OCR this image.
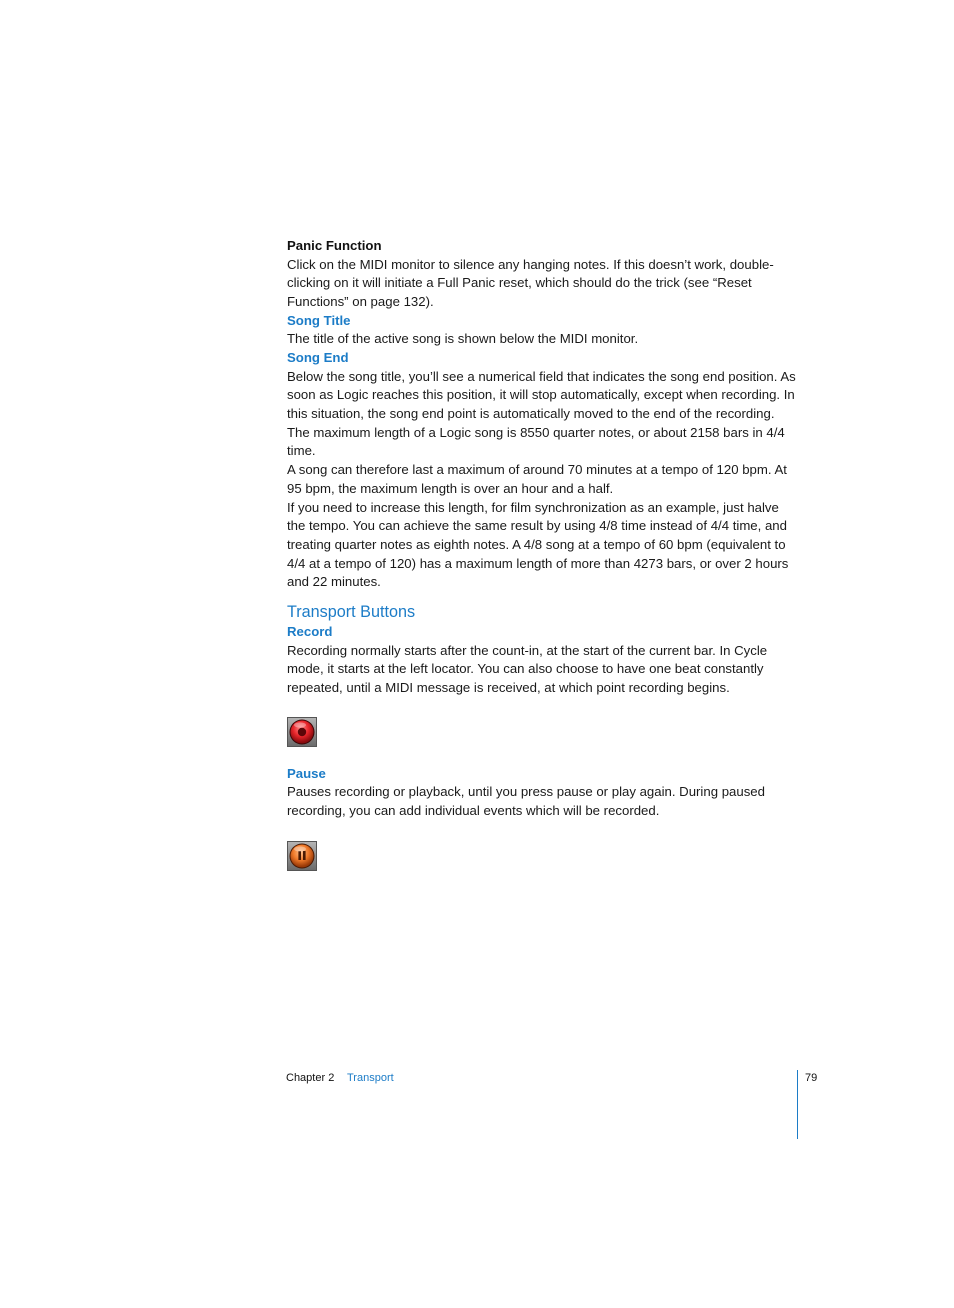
Panic Function

Click on the MIDI monitor to silence any hanging notes. If this doesn’t work, double-clicking on it will initiate a Full Panic reset, which should do the trick (see “Reset Functions” on page 132).

Song Title

The title of the active song is shown below the MIDI monitor.

Song End

Below the song title, you’ll see a numerical field that indicates the song end position. As soon as Logic reaches this position, it will stop automatically, except when recording. In this situation, the song end point is automatically moved to the end of the recording.

The maximum length of a Logic song is 8550 quarter notes, or about 2158 bars in 4/4 time.

A song can therefore last a maximum of around 70 minutes at a tempo of 120 bpm. At 95 bpm, the maximum length is over an hour and a half.

If you need to increase this length, for film synchronization as an example, just halve the tempo. You can achieve the same result by using 4/8 time instead of 4/4 time, and treating quarter notes as eighth notes. A 4/8 song at a tempo of 60 bpm (equivalent to 4/4 at a tempo of 120) has a maximum length of more than 4273 bars, or over 2 hours and 22 minutes.

Transport Buttons
Record

Recording normally starts after the count-in, at the start of the current bar. In Cycle mode, it starts at the left locator. You can also choose to have one beat constantly repeated, until a MIDI message is received, at which point recording begins.

Pause

Pauses recording or playback, until you press pause or play again. During paused recording, you can add individual events which will be recorded.

Chapter 2 Transport	79
